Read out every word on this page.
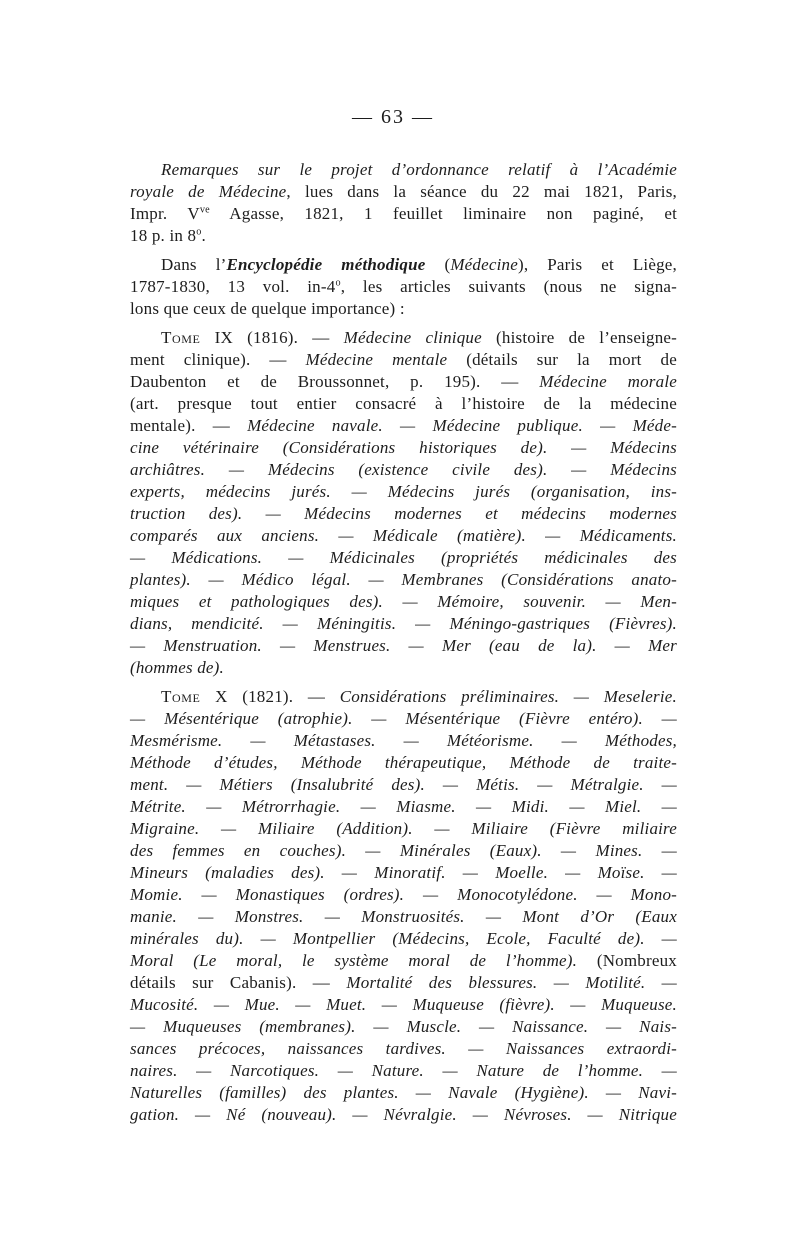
— 63 —
Remarques sur le projet d’ordonnance relatif à l’Académie
royale de Médecine, lues dans la séance du 22 mai 1821, Paris,
Impr. $V^{ve}$ Agasse, 1821, 1 feuillet liminaire non paginé, et
18 p. in 8$^o$.
Dans l’Encyclopédie méthodique (Médecine), Paris et Liège,
1787-1830, 13 vol. in-4$^o$, les articles suivants (nous ne signa-
lons que ceux de quelque importance) :
Tome IX (1816). — Médecine clinique (histoire de l’enseigne-
ment clinique). — Médecine mentale (détails sur la mort de
Daubenton et de Broussonnet, p. 195). — Médecine morale
(art. presque tout entier consacré à l’histoire de la médecine
mentale). — Médecine navale. — Médecine publique. — Méde-
cine vétérinaire (Considérations historiques de). — Médecins
archiâtres. — Médecins (existence civile des). — Médecins
experts, médecins jurés. — Médecins jurés (organisation, ins-
truction des). — Médecins modernes et médecins modernes
comparés aux anciens. — Médicale (matière). — Médicaments.
— Médications. — Médicinales (propriétés médicinales des
plantes). — Médico légal. — Membranes (Considérations anato-
miques et pathologiques des). — Mémoire, souvenir. — Men-
dians, mendicité. — Méningitis. — Méningo-gastriques (Fièvres).
— Menstruation. — Menstrues. — Mer (eau de la). — Mer
(hommes de).
Tome X (1821). — Considérations préliminaires. — Meselerie.
— Mésentérique (atrophie). — Mésentérique (Fièvre entéro). —
Mesmérisme. — Métastases. — Météorisme. — Méthodes,
Méthode d’études, Méthode thérapeutique, Méthode de traite-
ment. — Métiers (Insalubrité des). — Métis. — Métralgie. —
Métrite. — Métrorrhagie. — Miasme. — Midi. — Miel. —
Migraine. — Miliaire (Addition). — Miliaire (Fièvre miliaire
des femmes en couches). — Minérales (Eaux). — Mines. —
Mineurs (maladies des). — Minoratif. — Moelle. — Moïse. —
Momie. — Monastiques (ordres). — Monocotylédone. — Mono-
manie. — Monstres. — Monstruosités. — Mont d’Or (Eaux
minérales du). — Montpellier (Médecins, Ecole, Faculté de). —
Moral (Le moral, le système moral de l’homme). (Nombreux
détails sur Cabanis). — Mortalité des blessures. — Motilité. —
Mucosité. — Mue. — Muet. — Muqueuse (fièvre). — Muqueuse.
— Muqueuses (membranes). — Muscle. — Naissance. — Nais-
sances précoces, naissances tardives. — Naissances extraordi-
naires. — Narcotiques. — Nature. — Nature de l’homme. —
Naturelles (familles) des plantes. — Navale (Hygiène). — Navi-
gation. — Né (nouveau). — Névralgie. — Névroses. — Nitrique
